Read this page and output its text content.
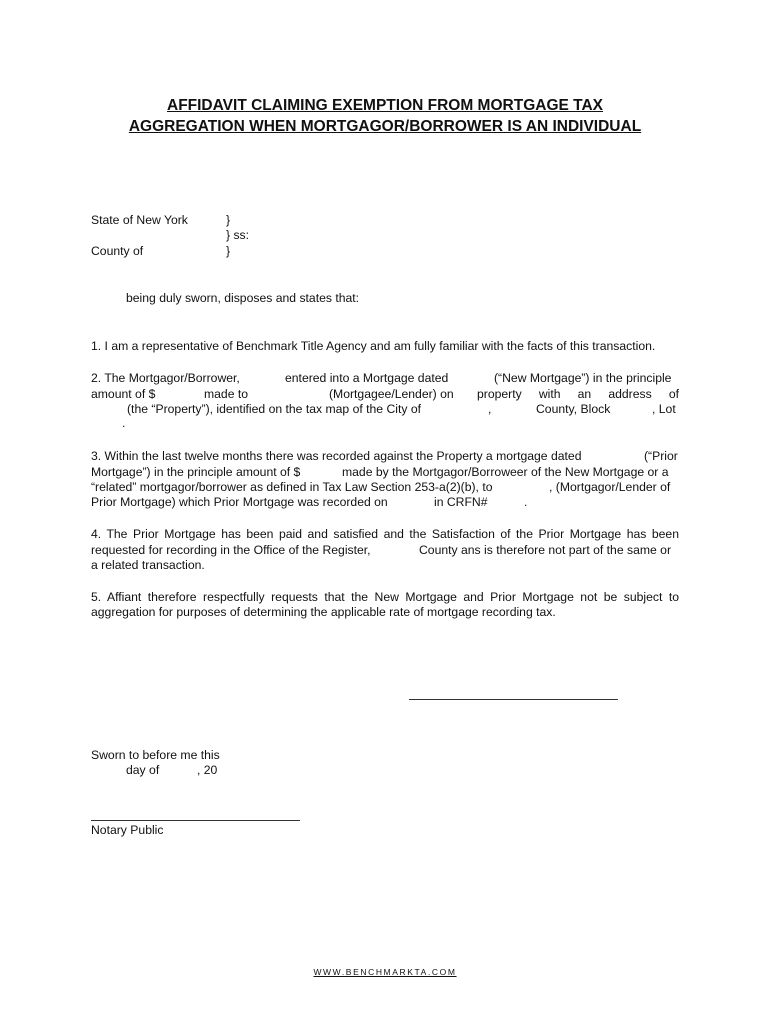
AFFIDAVIT CLAIMING EXEMPTION FROM MORTGAGE TAX
AGGREGATION WHEN MORTGAGOR/BORROWER IS AN INDIVIDUAL
State of New York	}
} ss:
County of	}
being duly sworn, disposes and states that:
1. I am a representative of Benchmark Title Agency and am fully familiar with the facts of this transaction.
2. The Mortgagor/Borrower,	entered into a Mortgage dated	(“New Mortgage”) in the principle
amount of $	made to	(Mortgagee/Lender) on property with an address of
(the “Property”), identified on the tax map of the City of	,	County, Block	, Lot
.
3. Within the last twelve months there was recorded against the Property a mortgage dated	(“Prior
Mortgage”) in the principle amount of $	made by the Mortgagor/Borroweer of the New Mortgage or a
“related” mortgagor/borrower as defined in Tax Law Section 253-a(2)(b), to	, (Mortgagor/Lender of
Prior Mortgage) which Prior Mortgage was recorded on	in CRFN#	.
4. The Prior Mortgage has been paid and satisfied and the Satisfaction of the Prior Mortgage has been
requested for recording in the Office of the Register,	County ans is therefore not part of the same or
a related transaction.
5. Affiant therefore respectfully requests that the New Mortgage and Prior Mortgage not be subject to
aggregation for purposes of determining the applicable rate of mortgage recording tax.
Sworn to before me this
day of	, 20
Notary Public
WWW.BENCHMARKTA.COM
